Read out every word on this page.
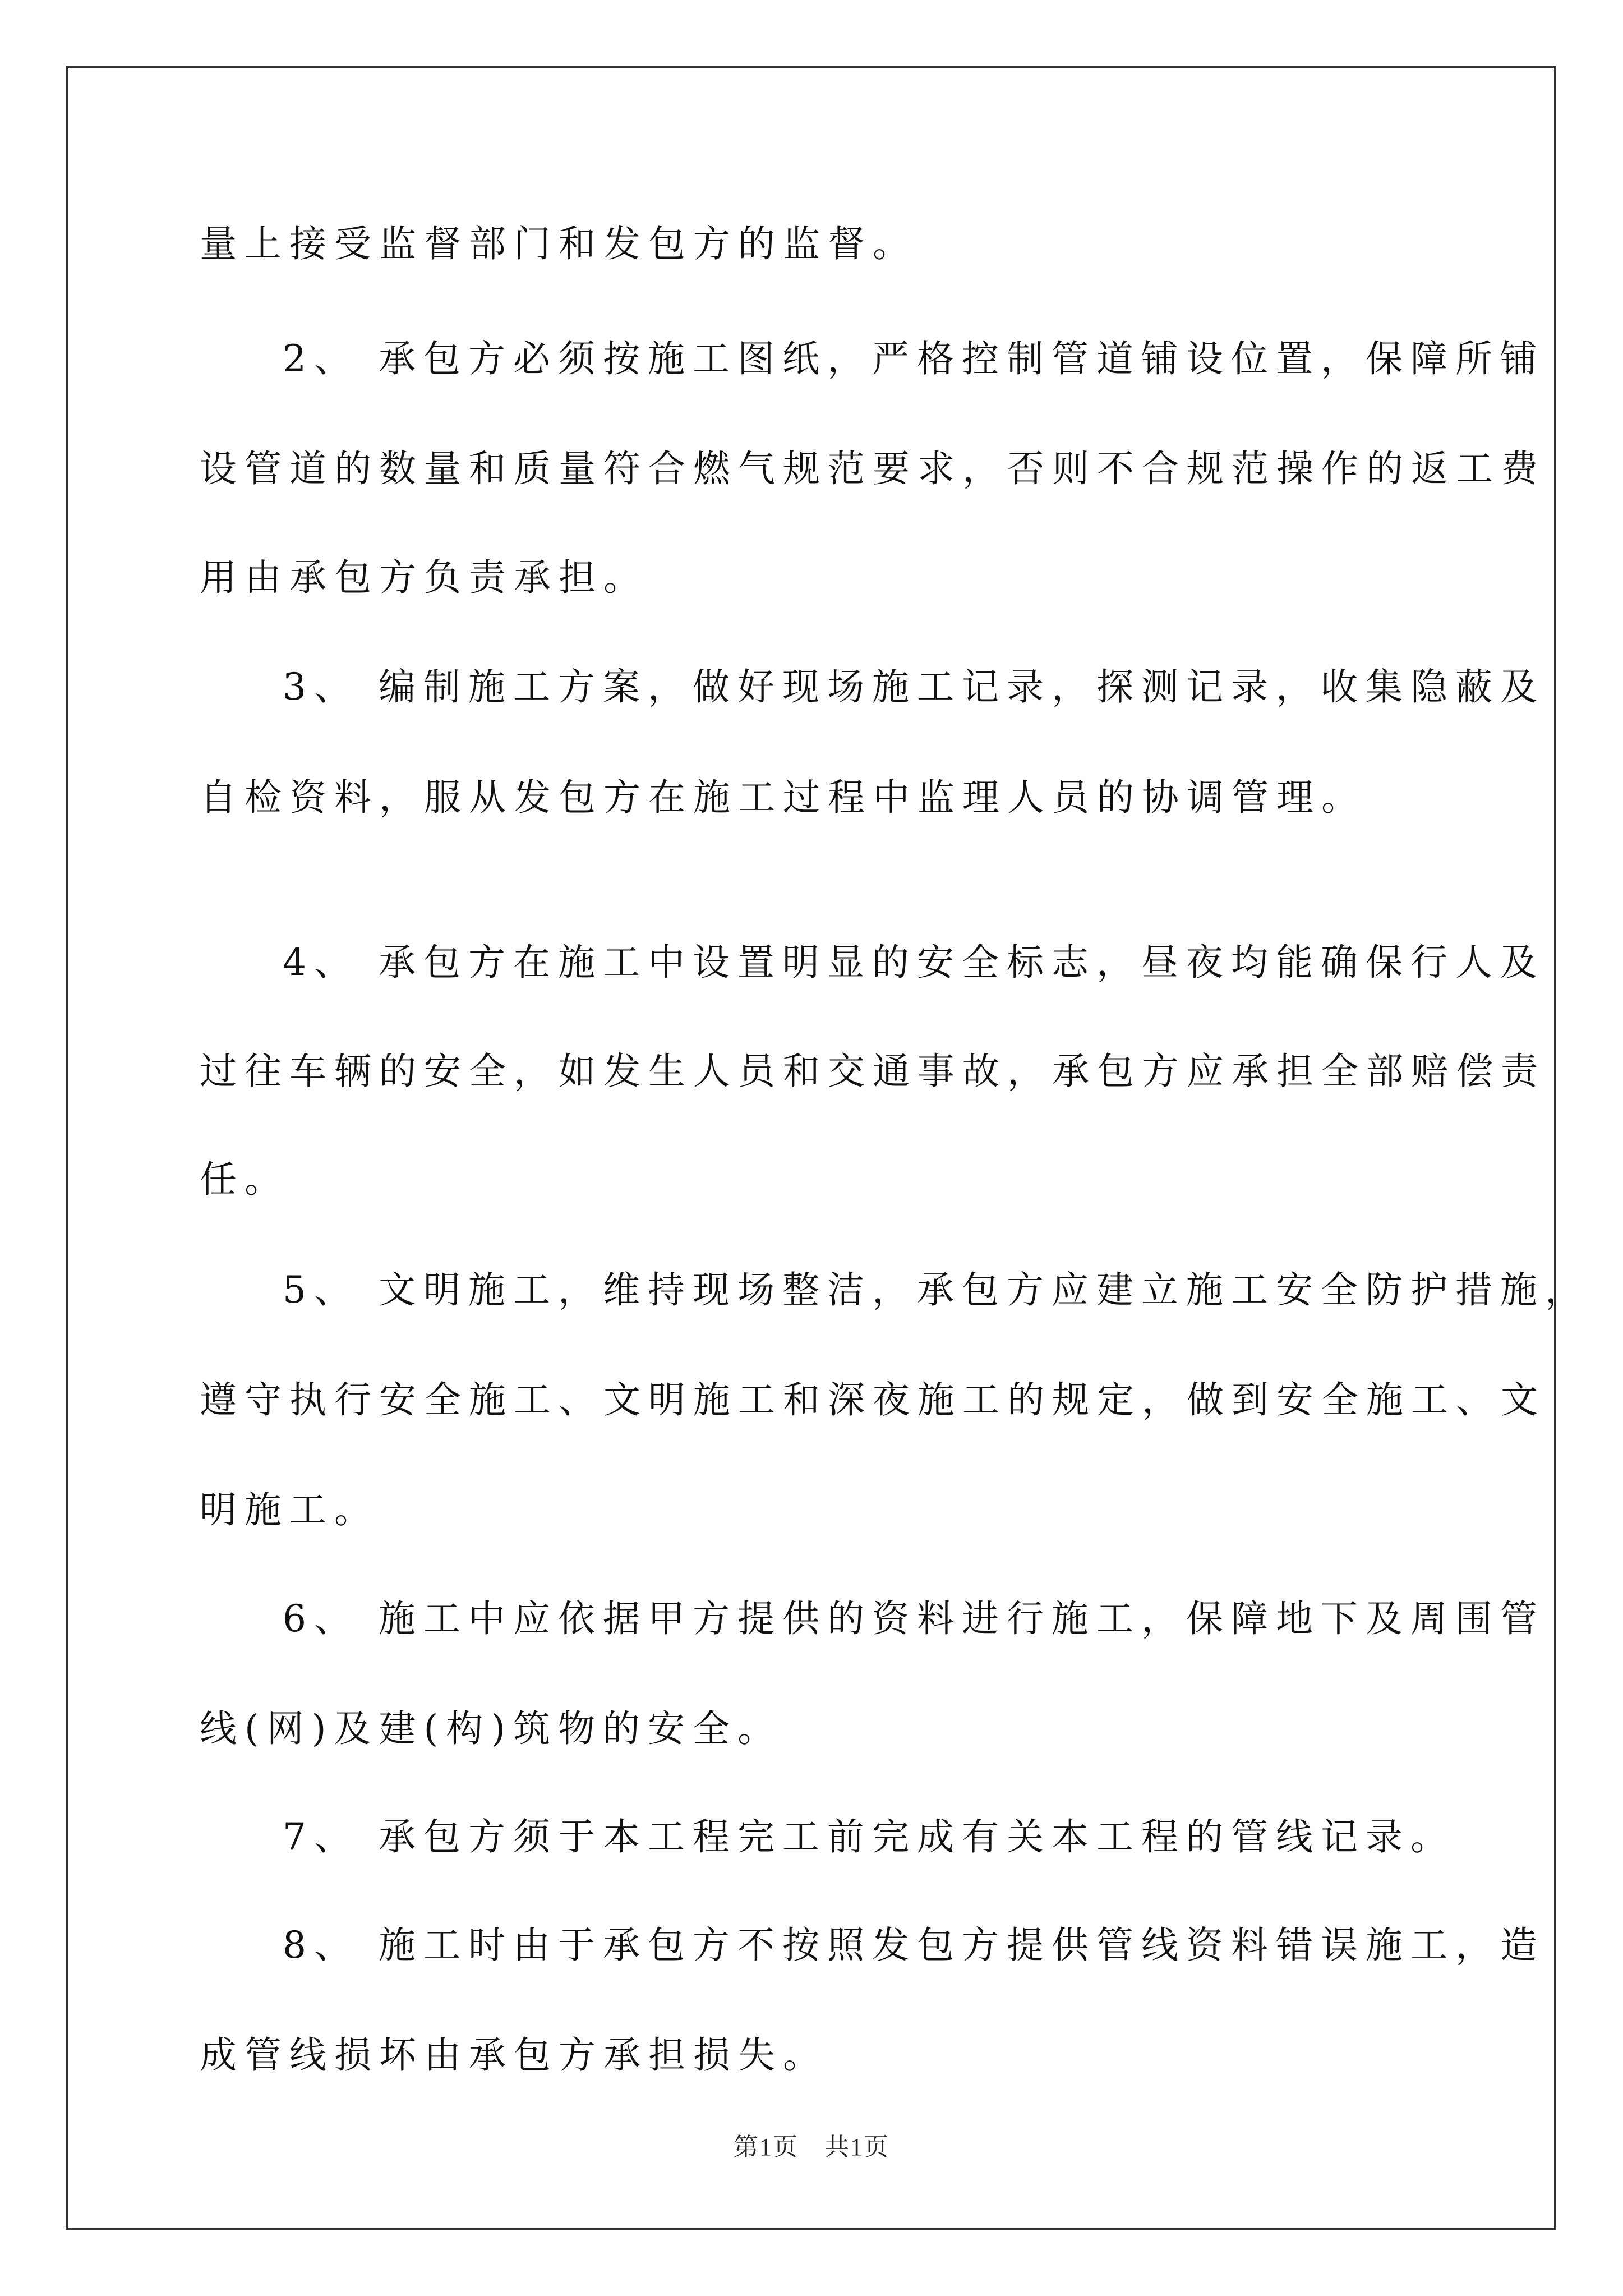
量上接受监督部门和发包方的监督。
2、 承包方必须按施工图纸，严格控制管道铺设位置，保障所铺
设管道的数量和质量符合燃气规范要求，否则不合规范操作的返工费
用由承包方负责承担。
3、 编制施工方案，做好现场施工记录，探测记录，收集隐蔽及
自检资料，服从发包方在施工过程中监理人员的协调管理。
4、 承包方在施工中设置明显的安全标志，昼夜均能确保行人及
过往车辆的安全，如发生人员和交通事故，承包方应承担全部赔偿责
任。
5、 文明施工，维持现场整洁，承包方应建立施工安全防护措施，
遵守执行安全施工、文明施工和深夜施工的规定，做到安全施工、文
明施工。
6、 施工中应依据甲方提供的资料进行施工，保障地下及周围管
线(网)及建(构)筑物的安全。
7、 承包方须于本工程完工前完成有关本工程的管线记录。
8、 施工时由于承包方不按照发包方提供管线资料错误施工，造
成管线损坏由承包方承担损失。
第1页　共1页
